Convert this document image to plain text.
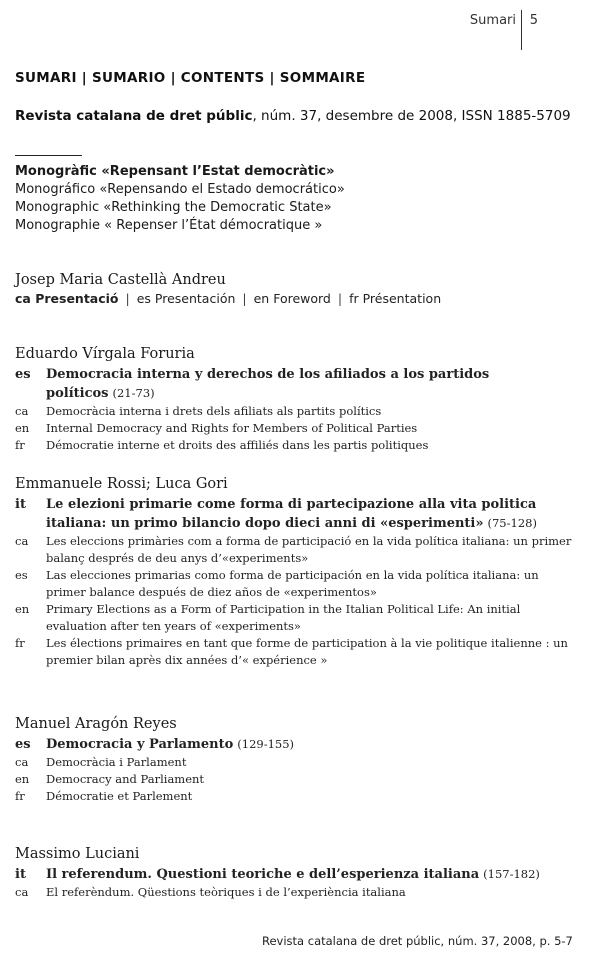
Sumari 5
SUMARI | SUMARIO | CONTENTS | SOMMAIRE
Revista catalana de dret públic, núm. 37, desembre de 2008, ISSN 1885-5709
Monogràfic «Repensant l’Estat democràtic»
Monográfico «Repensando el Estado democrático»
Monographic «Rethinking the Democratic State»
Monographie « Repenser l’État démocratique »
Josep Maria Castellà Andreu
ca Presentació | es Presentación | en Foreword | fr Présentation
Eduardo Vírgala Foruria
es	Democracia interna y derechos de los afiliados a los partidos políticos (21-73)
ca	Democràcia interna i drets dels afiliats als partits polítics
en	Internal Democracy and Rights for Members of Political Parties
fr	Démocratie interne et droits des affiliés dans les partis politiques
Emmanuele Rossi; Luca Gori
it	Le elezioni primarie come forma di partecipazione alla vita politica italiana: un primo bilancio dopo dieci anni di «esperimenti» (75-128)
ca	Les eleccions primàries com a forma de participació en la vida política italiana: un primer balanç després de deu anys d’«experiments»
es	Las elecciones primarias como forma de participación en la vida política italiana: un primer balance después de diez años de «experimentos»
en	Primary Elections as a Form of Participation in the Italian Political Life: An initial evaluation after ten years of «experiments»
fr	Les élections primaires en tant que forme de participation à la vie politique italienne : un premier bilan après dix années d’« expérience »
Manuel Aragón Reyes
es	Democracia y Parlamento (129-155)
ca	Democràcia i Parlament
en	Democracy and Parliament
fr	Démocratie et Parlement
Massimo Luciani
it	Il referendum. Questioni teoriche e dell’esperienza italiana (157-182)
ca	El referèndum. Qüestions teòriques i de l’experiència italiana
Revista catalana de dret públic, núm. 37, 2008, p. 5-7
